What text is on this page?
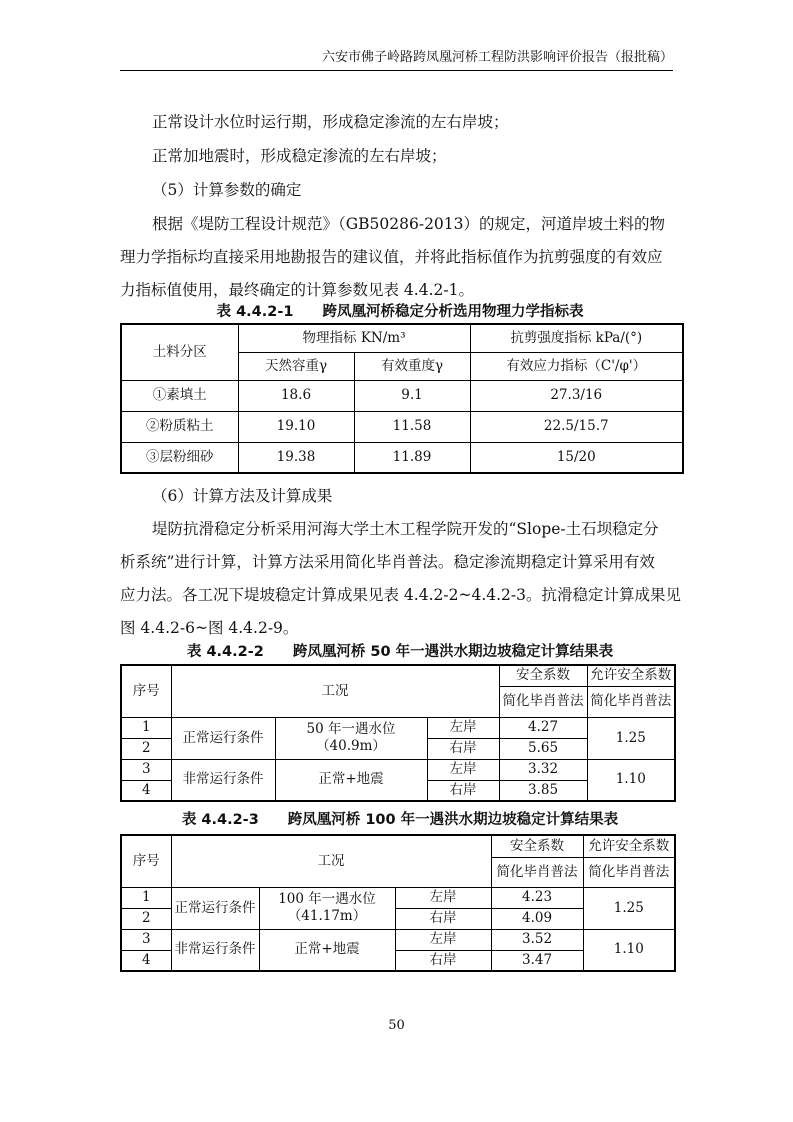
六安市佛子岭路跨凤凰河桥工程防洪影响评价报告（报批稿）
正常设计水位时运行期，形成稳定渗流的左右岸坡；
正常加地震时，形成稳定渗流的左右岸坡；
（5）计算参数的确定
根据《堤防工程设计规范》（GB50286-2013）的规定，河道岸坡土料的物
理力学指标均直接采用地勘报告的建议值，并将此指标值作为抗剪强度的有效应
力指标值使用，最终确定的计算参数见表 4.4.2-1。
表 4.4.2-1　　跨凤凰河桥稳定分析选用物理力学指标表
土料分区	物理指标 KN/m³		抗剪强度指标 kPa/(°)
	天然容重γ	有效重度γ	有效应力指标（C'/φ'）
①素填土	18.6	9.1	27.3/16
②粉质粘土	19.10	11.58	22.5/15.7
③层粉细砂	19.38	11.89	15/20
（6）计算方法及计算成果
堤防抗滑稳定分析采用河海大学土木工程学院开发的“Slope-土石坝稳定分
析系统”进行计算，计算方法采用简化毕肖普法。稳定渗流期稳定计算采用有效
应力法。各工况下堤坡稳定计算成果见表 4.4.2-2~4.4.2-3。抗滑稳定计算成果见
图 4.4.2-6~图 4.4.2-9。
表 4.4.2-2　　跨凤凰河桥 50 年一遇洪水期边坡稳定计算结果表
序号	工况			安全系数	允许安全系数
				简化毕肖普法	简化毕肖普法
1	正常运行条件	50 年一遇水位
（40.9m）	左岸	4.27	1.25
2			右岸	5.65	
3	非常运行条件	正常+地震	左岸	3.32	1.10
4			右岸	3.85	
表 4.4.2-3　　跨凤凰河桥 100 年一遇洪水期边坡稳定计算结果表
序号	工况			安全系数	允许安全系数
				简化毕肖普法	简化毕肖普法
1	正常运行条件	100 年一遇水位
（41.17m）	左岸	4.23	1.25
2			右岸	4.09	
3	非常运行条件	正常+地震	左岸	3.52	1.10
4			右岸	3.47	
50
